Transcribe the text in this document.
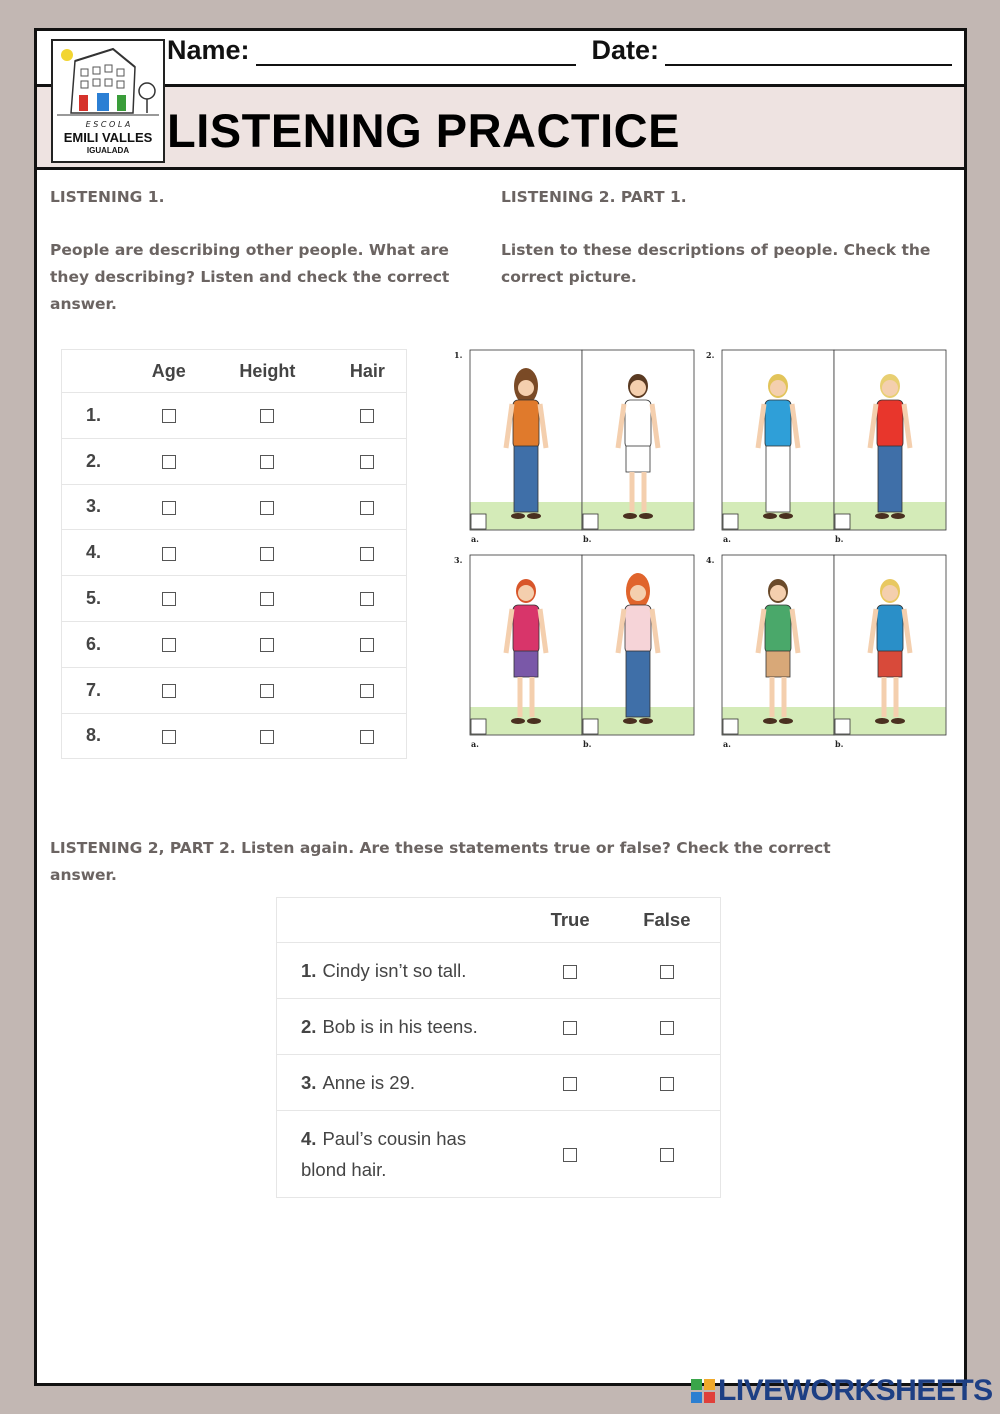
Name:	Date:
LISTENING PRACTICE
E S C O L A
EMILI VALLES
IGUALADA
LISTENING 1.
People are describing other people. What are
they describing? Listen and check the correct
answer.
	Age	Height	Hair
1.			
2.			
3.			
4.			
5.			
6.			
7.			
8.			
LISTENING 2. PART 1.
Listen to these descriptions of people. Check the
correct picture.
1.
a.	b.
2.
a.	b.
3.
a.	b.
4.
a.	b.
LISTENING 2, PART 2. Listen again. Are these statements true or false? Check the correct
answer.
	True	False
1. Cindy isn’t so tall.		
2. Bob is in his teens.		
3. Anne is 29.		
4. Paul’s cousin has
blond hair.		
LIVEWORKSHEETS
